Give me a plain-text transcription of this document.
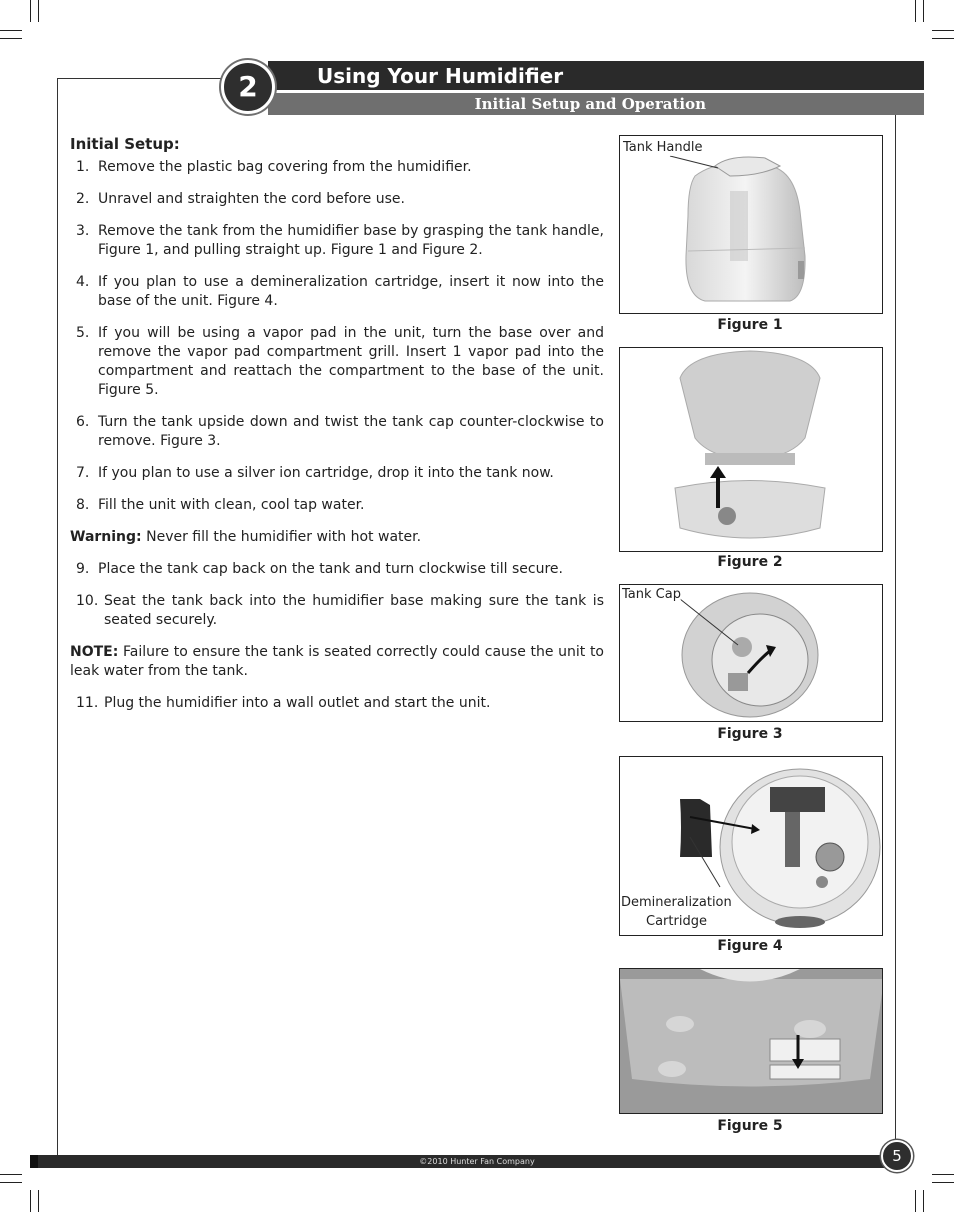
2	Using Your Humidifier
Initial Setup and Operation
Initial Setup:
1. Remove the plastic bag covering from the humidifier.
2. Unravel and straighten the cord before use.
3. Remove the tank from the humidifier base by grasping the tank handle, Figure 1, and pulling straight up. Figure 1 and Figure 2.
4. If you plan to use a demineralization cartridge, insert it now into the base of the unit. Figure 4.
5. If you will be using a vapor pad in the unit, turn the base over and remove the vapor pad compartment grill. Insert 1 vapor pad into the compartment and reattach the compartment to the base of the unit. Figure 5.
6. Turn the tank upside down and twist the tank cap counter-clockwise to remove. Figure 3.
7. If you plan to use a silver ion cartridge, drop it into the tank now.
8. Fill the unit with clean, cool tap water.
Warning: Never fill the humidifier with hot water.
9. Place the tank cap back on the tank and turn clockwise till secure.
10. Seat the tank back into the humidifier base making sure the tank is seated securely.
NOTE: Failure to ensure the tank is seated correctly could cause the unit to leak water from the tank.
11. Plug the humidifier into a wall outlet and start the unit.
Tank Handle
Figure 1
Figure 2
Tank Cap
Figure 3
Demineralization
Cartridge
Figure 4
Figure 5
©2010 Hunter Fan Company	5
